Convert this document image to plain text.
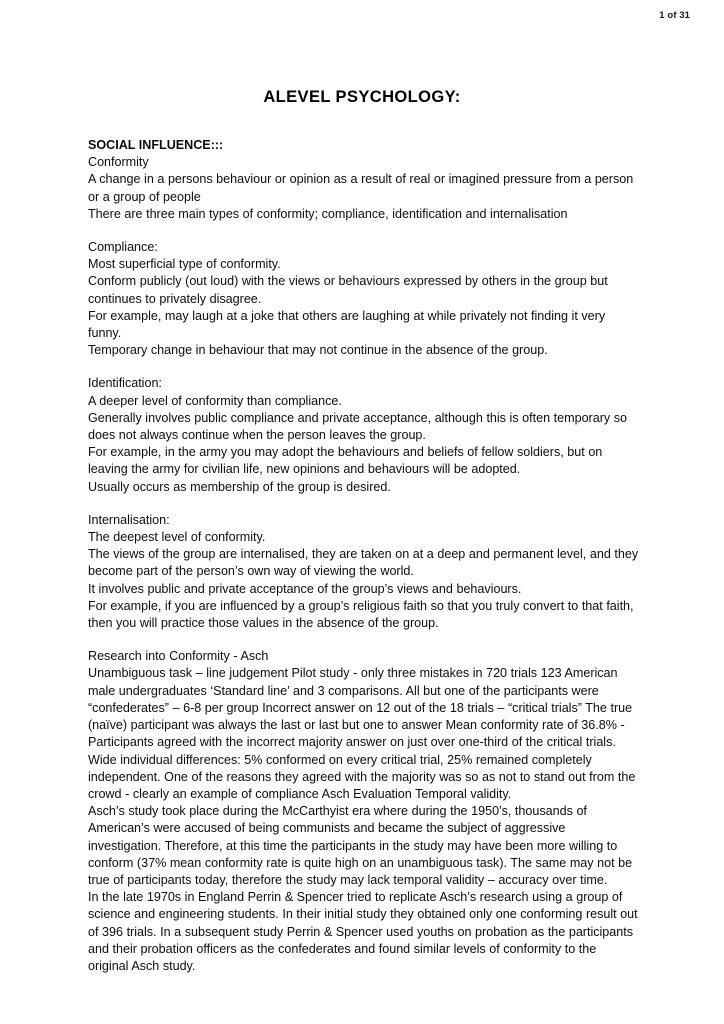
1 of 31
ALEVEL PSYCHOLOGY:
SOCIAL INFLUENCE:::
Conformity

A change in a persons behaviour or opinion as a result of real or imagined pressure from a person or a group of people

There are three main types of conformity; compliance, identification and internalisation

Compliance:

Most superficial type of conformity.

Conform publicly (out loud) with the views or behaviours expressed by others in the group but continues to privately disagree.

For example, may laugh at a joke that others are laughing at while privately not finding it very funny.

Temporary change in behaviour that may not continue in the absence of the group.

Identification:

A deeper level of conformity than compliance.

Generally involves public compliance and private acceptance, although this is often temporary so does not always continue when the person leaves the group.

For example, in the army you may adopt the behaviours and beliefs of fellow soldiers, but on leaving the army for civilian life, new opinions and behaviours will be adopted.

Usually occurs as membership of the group is desired.

Internalisation:

The deepest level of conformity.

The views of the group are internalised, they are taken on at a deep and permanent level, and they become part of the person’s own way of viewing the world.

It involves public and private acceptance of the group’s views and behaviours.

For example, if you are influenced by a group’s religious faith so that you truly convert to that faith, then you will practice those values in the absence of the group.

Research into Conformity - Asch

Unambiguous task – line judgement Pilot study - only three mistakes in 720 trials 123 American male undergraduates ‘Standard line’ and 3 comparisons. All but one of the participants were “confederates” – 6-8 per group Incorrect answer on 12 out of the 18 trials – “critical trials” The true (naïve) participant was always the last or last but one to answer Mean conformity rate of 36.8% - Participants agreed with the incorrect majority answer on just over one-third of the critical trials. Wide individual differences: 5% conformed on every critical trial, 25% remained completely independent. One of the reasons they agreed with the majority was so as not to stand out from the crowd - clearly an example of compliance Asch Evaluation Temporal validity.

Asch’s study took place during the McCarthyist era where during the 1950’s, thousands of American’s were accused of being communists and became the subject of aggressive investigation. Therefore, at this time the participants in the study may have been more willing to conform (37% mean conformity rate is quite high on an unambiguous task). The same may not be true of participants today, therefore the study may lack temporal validity – accuracy over time.

In the late 1970s in England Perrin & Spencer tried to replicate Asch’s research using a group of science and engineering students. In their initial study they obtained only one conforming result out of 396 trials. In a subsequent study Perrin & Spencer used youths on probation as the participants and their probation officers as the confederates and found similar levels of conformity to the original Asch study.
